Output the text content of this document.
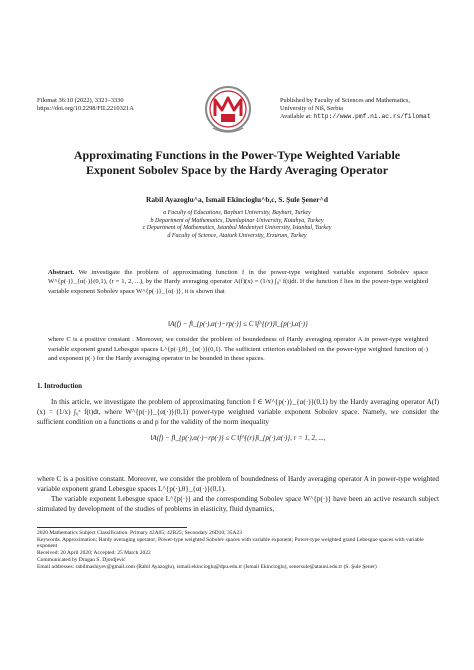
Filomat 36:10 (2022), 3321–3330
https://doi.org/10.2298/FIL2210321A
Published by Faculty of Sciences and Mathematics,
University of Niš, Serbia
Available at: http://www.pmf.ni.ac.rs/filomat
Approximating Functions in the Power-Type Weighted Variable
Exponent Sobolev Space by the Hardy Averaging Operator
Rabil Ayazoglu^a, Ismail Ekincioglu^b,c, S. Şule Şener^d
a Faculty of Educations, Bayburt University, Bayburt, Turkey
b Department of Mathematics, Dumlupinar University, Kutahya, Turkey
c Department of Mathematics, Istanbul Medeniyet University, Istanbul, Turkey
d Faculty of Science, Ataturk University, Erzurum, Turkey
Abstract. We investigate the problem of approximating function f in the power-type weighted variable exponent Sobolev space W^{p(·)}_{α(·)}(0,1), (r = 1, 2, ...), by the Hardy averaging operator A(f)(x) = (1/x) ∫₀ˣ f(t)dt. If the function f lies in the power-type weighted variable exponent Sobolev space W^{p(·)}_{α(·)}, it is shown that
‖A(f) − f‖_{p(·),α(·)−rp(·)} ≤ C ‖f^{(r)}‖_{p(·),α(·)}
where C is a positive constant . Moreover, we consider the problem of boundedness of Hardy averaging operator A in power-type weighted variable exponent grand Lebesgue spaces L^{p(·),θ}_{α(·)}(0,1). The sufficient criterion established on the power-type weighted function α(·) and exponent p(·) for the Hardy averaging operator to be bounded in these spaces.
1. Introduction
In this article, we investigate the problem of approximating function f ∈ W^{p(·)}_{α(·)}(0,1) by the Hardy averaging operator A(f)(x) = (1/x) ∫₀ˣ f(t)dt, where W^{p(·)}_{α(·)}(0,1) power-type weighted variable exponent Sobolev space. Namely, we consider the sufficient condition on a functions α and p for the validity of the norm inequality
‖A(f) − f‖_{p(·),α(·)−rp(·)} ≤ C ‖f^{(r)}‖_{p(·),α(·)}, r = 1, 2, ...,
where C is a positive constant. Moreover, we consider the problem of boundedness of Hardy averaging operator A in power-type weighted variable exponent grand Lebesgue spaces L^{p(·),θ}_{α(·)}(0,1).
The variable exponent Lebesgue space L^{p(·)} and the corresponding Sobolev space W^{p(·)} have been an active research subject stimulated by development of the studies of problems in elasticity, fluid dynamics,
2020 Mathematics Subject Classification. Primary 42A05; 42B25; Secondary 26D10; 35A23
Keywords. Approximation; Hardy averaging operator; Power-type weighted Sobolev spaces with variable exponent; Power-type weighted grand Lebesgue spaces with variable exponent
Received: 20 April 2020; Accepted: 25 March 2022
Communicated by Dragan S. Djordjević
Email addresses: rabilmashiyev@gmail.com (Rabil Ayazoglu), ismail.ekincioglu@dpu.edu.tr (Ismail Ekincioglu), senersule@atauni.edu.tr (S. Şule Şener)
